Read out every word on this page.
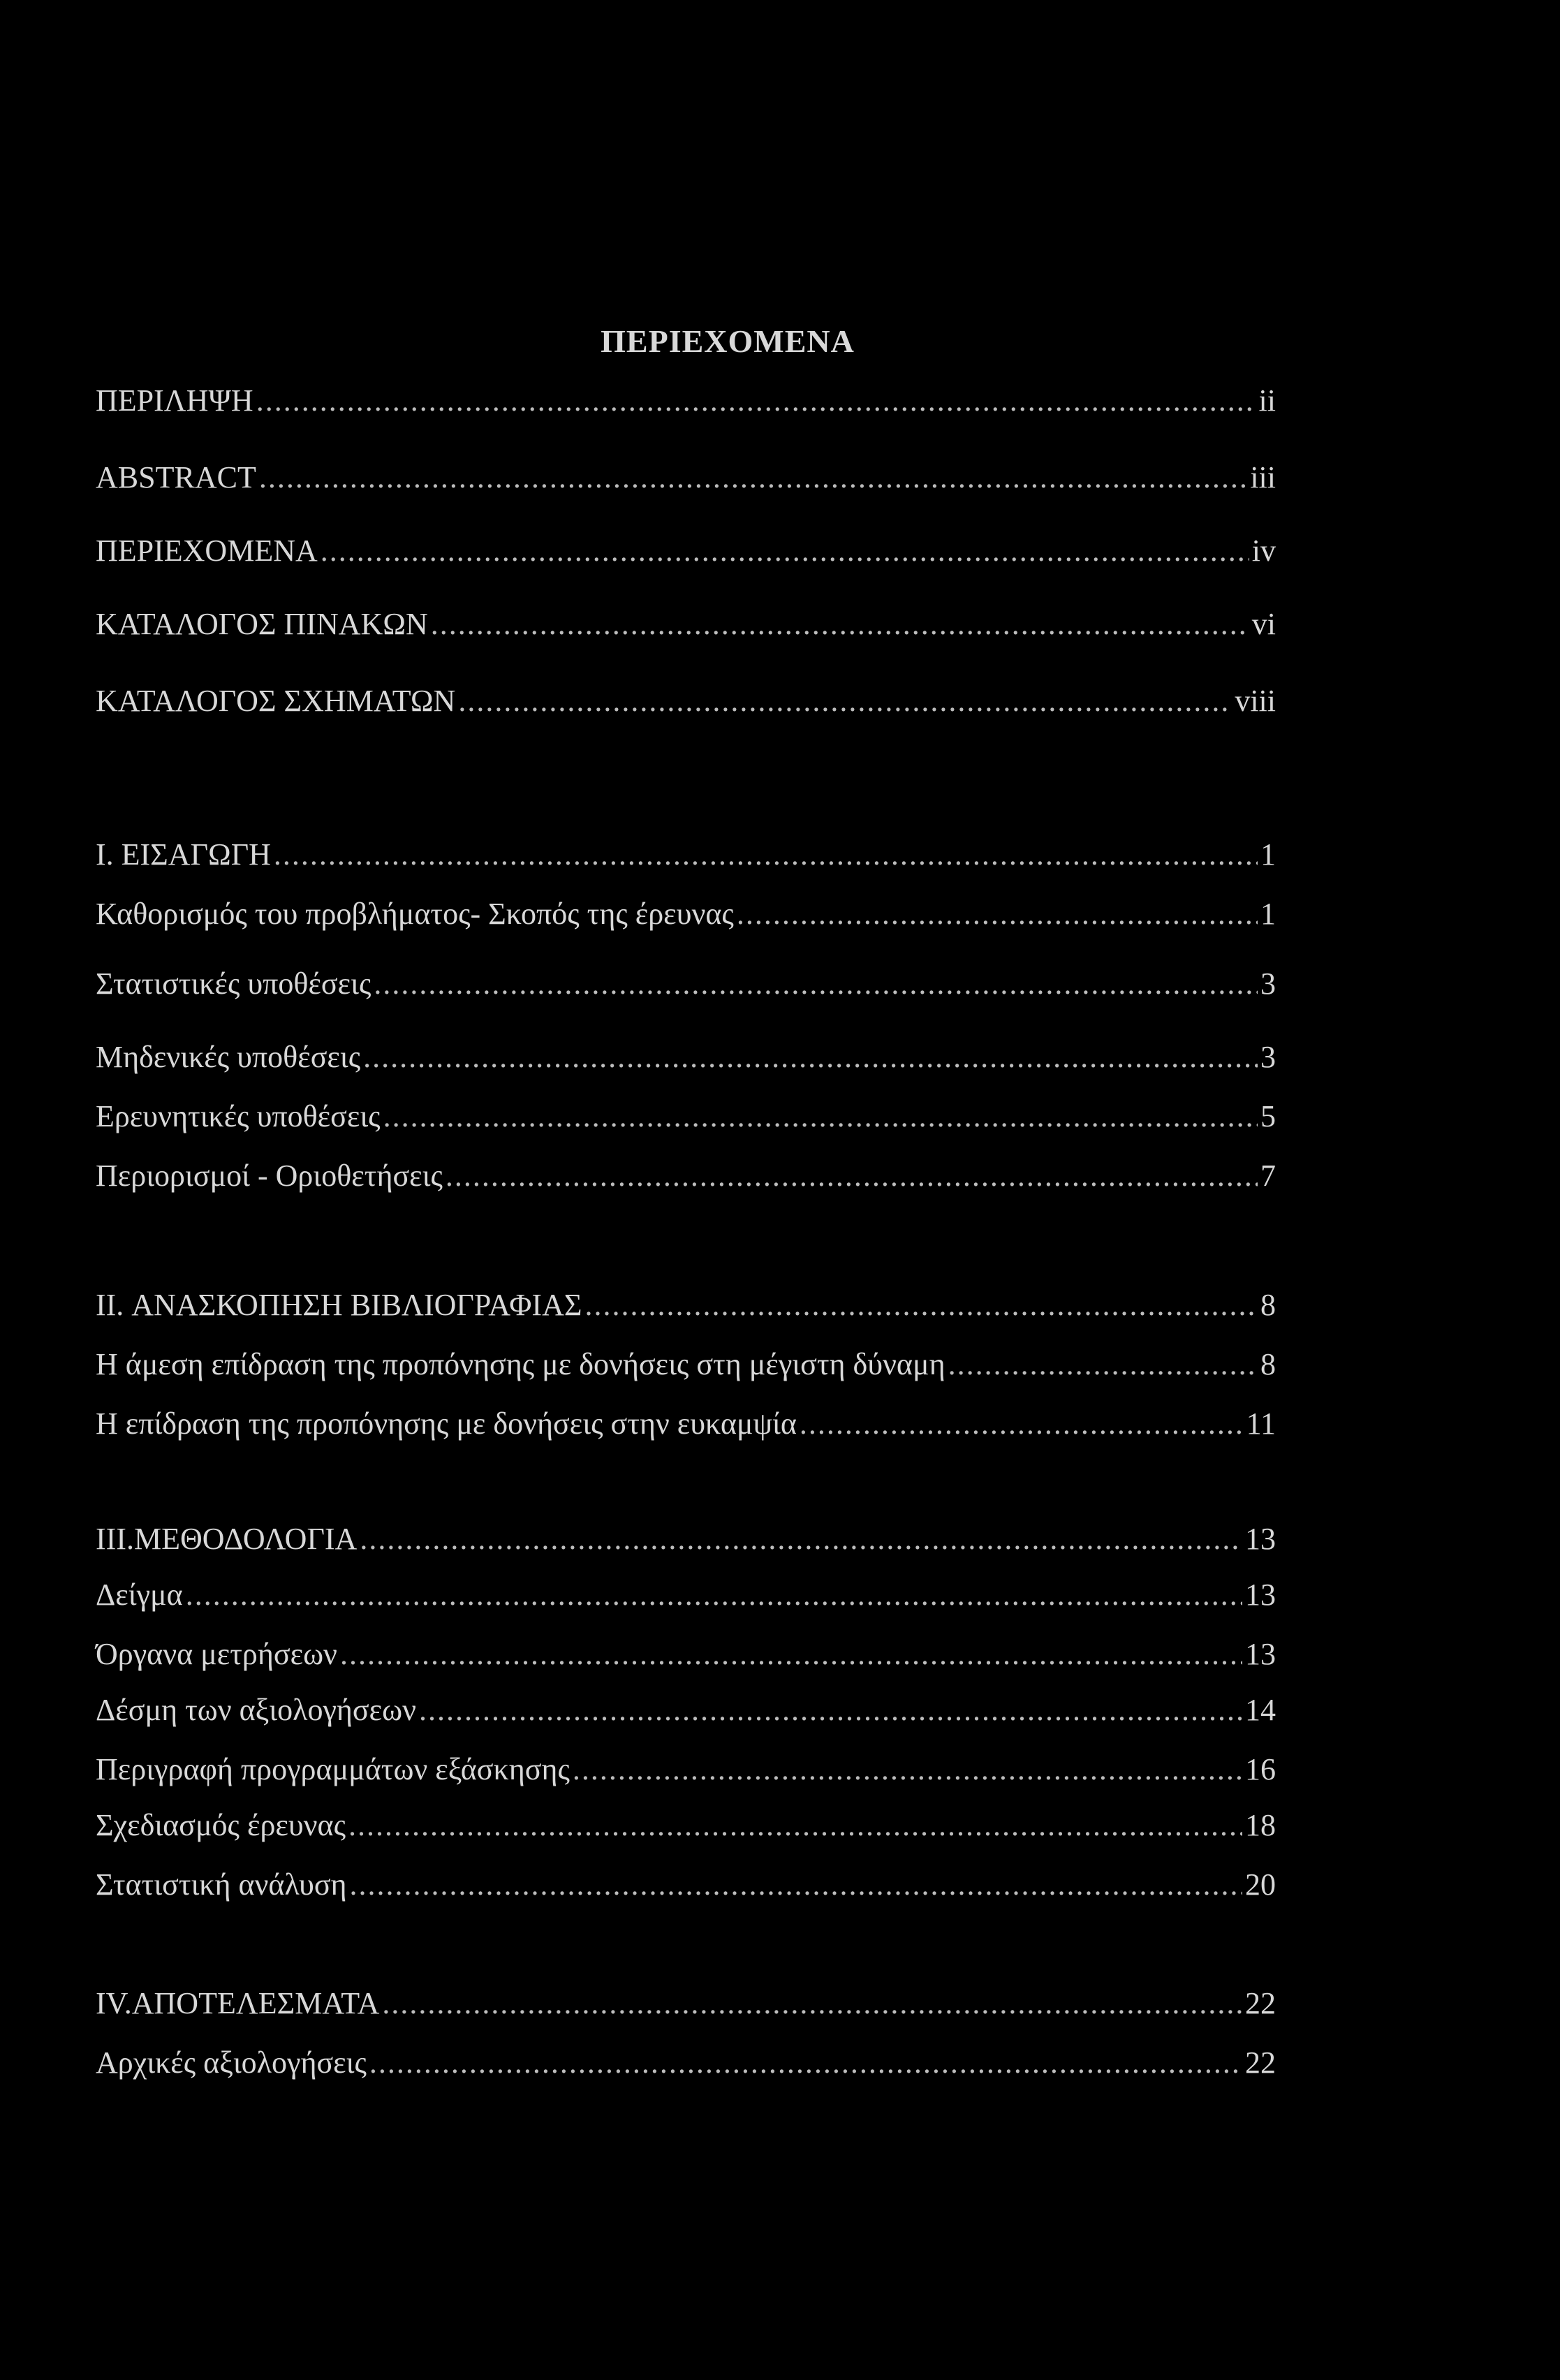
ΠΕΡΙΕΧΟΜΕΝΑ
ΠΕΡΙΛΗΨΗ .....	ii
ABSTRACT .....	iii
ΠΕΡΙΕΧΟΜΕΝΑ .....	iv
ΚΑΤΑΛΟΓΟΣ ΠΙΝΑΚΩΝ .....	vi
ΚΑΤΑΛΟΓΟΣ ΣΧΗΜΑΤΩΝ .....	viii
I. ΕΙΣΑΓΩΓΗ .....	1
Καθορισμός του προβλήματος- Σκοπός της έρευνας .....	1
Στατιστικές υποθέσεις .....	3
Μηδενικές υποθέσεις .....	3
Ερευνητικές υποθέσεις .....	5
Περιορισμοί - Οριοθετήσεις .....	7
II. ΑΝΑΣΚΟΠΗΣΗ ΒΙΒΛΙΟΓΡΑΦΙΑΣ .....	8
Η άμεση επίδραση της προπόνησης με δονήσεις στη μέγιστη δύναμη .....	8
Η επίδραση της προπόνησης με δονήσεις στην ευκαμψία .....	11
III.ΜΕΘΟΔΟΛΟΓΙΑ .....	13
Δείγμα .....	13
Όργανα μετρήσεων .....	13
Δέσμη των αξιολογήσεων .....	14
Περιγραφή προγραμμάτων εξάσκησης .....	16
Σχεδιασμός έρευνας .....	18
Στατιστική ανάλυση .....	20
IV.ΑΠΟΤΕΛΕΣΜΑΤΑ .....	22
Αρχικές αξιολογήσεις .....	22
